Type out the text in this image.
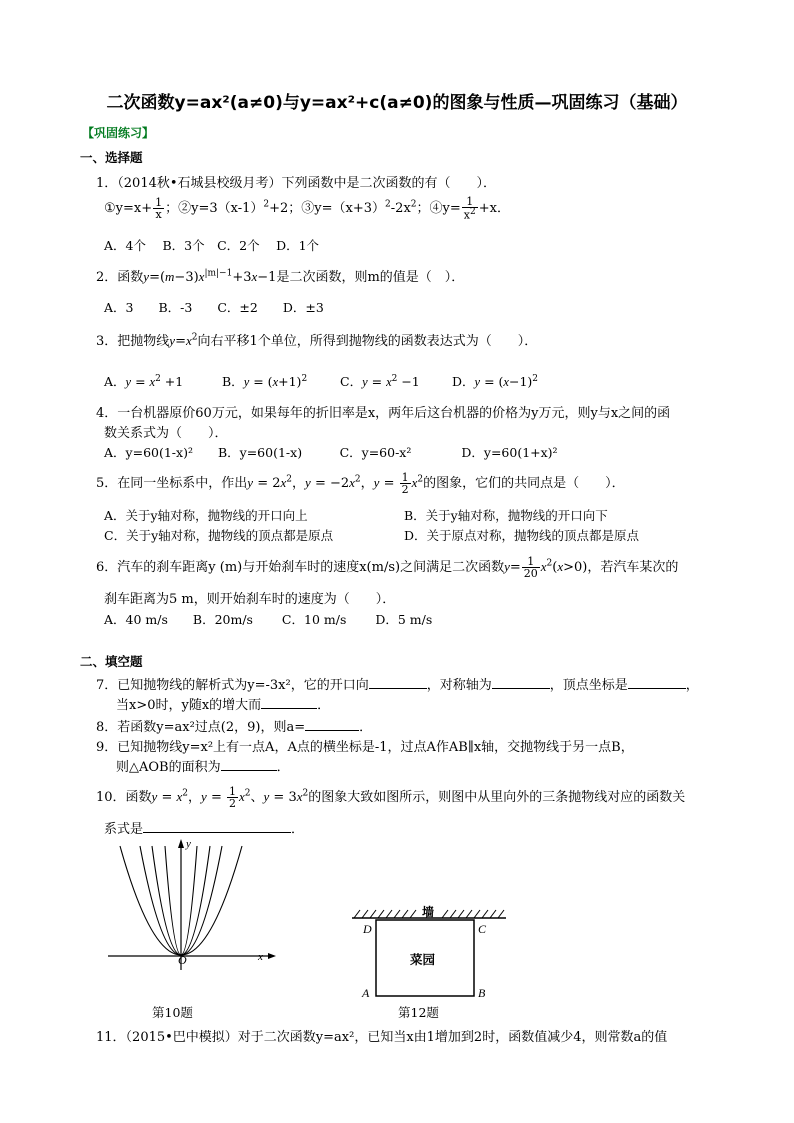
二次函数y=ax²(a≠0)与y=ax²+c(a≠0)的图象与性质—巩固练习（基础）
【巩固练习】
一、选择题
1．（2014秋•石城县校级月考）下列函数中是二次函数的有（　　）．
①y=x+ $\frac{1}{x}$ ；$②y=3(x-1)^2+2$；$③y=(x+3)^2-2x^2$；④y= $\frac{1}{x^2} +x$．
A．4个　 B．3个　C．2个　 D．1个
2．函数$y=(m-3)x^{|m|-1}+3x-1$是二次函数，则m的值是（　）．
A．3　　B．-3　　C．±2　　D．±3
3．把抛物线$y=x^2$向右平移1个单位，所得到抛物线的函数表达式为（　　）．
A．$y = x^2 +1$	B．$y = (x+1)^2$	C．$y = x^2 -1$	D．$y = (x-1)^2$
4．一台机器原价60万元，如果每年的折旧率是x，两年后这台机器的价格为y万元，则y与x之间的函
数关系式为（　　）．
A．y=60(1-x)²　　B．y=60(1-x)　　　C．y=60-x²　　　　D．y=60(1+x)²
5．在同一坐标系中，作出$y = 2x^2$，$y = -2x^2$，$y = \frac{1}{2} x^2$的图象，它们的共同点是（　　）．
A．关于y轴对称，抛物线的开口向上	B．关于y轴对称，抛物线的开口向下
C．关于y轴对称，抛物线的顶点都是原点	D．关于原点对称，抛物线的顶点都是原点
6．汽车的刹车距离y (m)与开始刹车时的速度x(m/s)之间满足二次函数$y= \frac{1}{20} x^2(x>0)$，若汽车某次的
刹车距离为5 m，则开始刹车时的速度为（　　）．
A．40 m/s　　B．20m/s　　 C．10 m/s　　 D．5 m/s
二、填空题
7．已知抛物线的解析式为y=-3x²，它的开口向	，对称轴为	，顶点坐标是	，
当x>0时，y随x的增大而	．
8．若函数y=ax²过点(2，9)，则a=	．
9．已知抛物线y=x²上有一点A，A点的横坐标是-1，过点A作AB∥x轴，交抛物线于另一点B，
则△AOB的面积为	．
10．函数$y = x^2$，$y = \frac{1}{2} x^2$、$y = 3x^2$的图象大致如图所示，则图中从里向外的三条抛物线对应的函数关
系式是	．
y
x
O
第10题
墙
D	C
A	B
菜园
第12题
11．（2015•巴中模拟）对于二次函数y=ax²，已知当x由1增加到2时，函数值减少4，则常数a的值
